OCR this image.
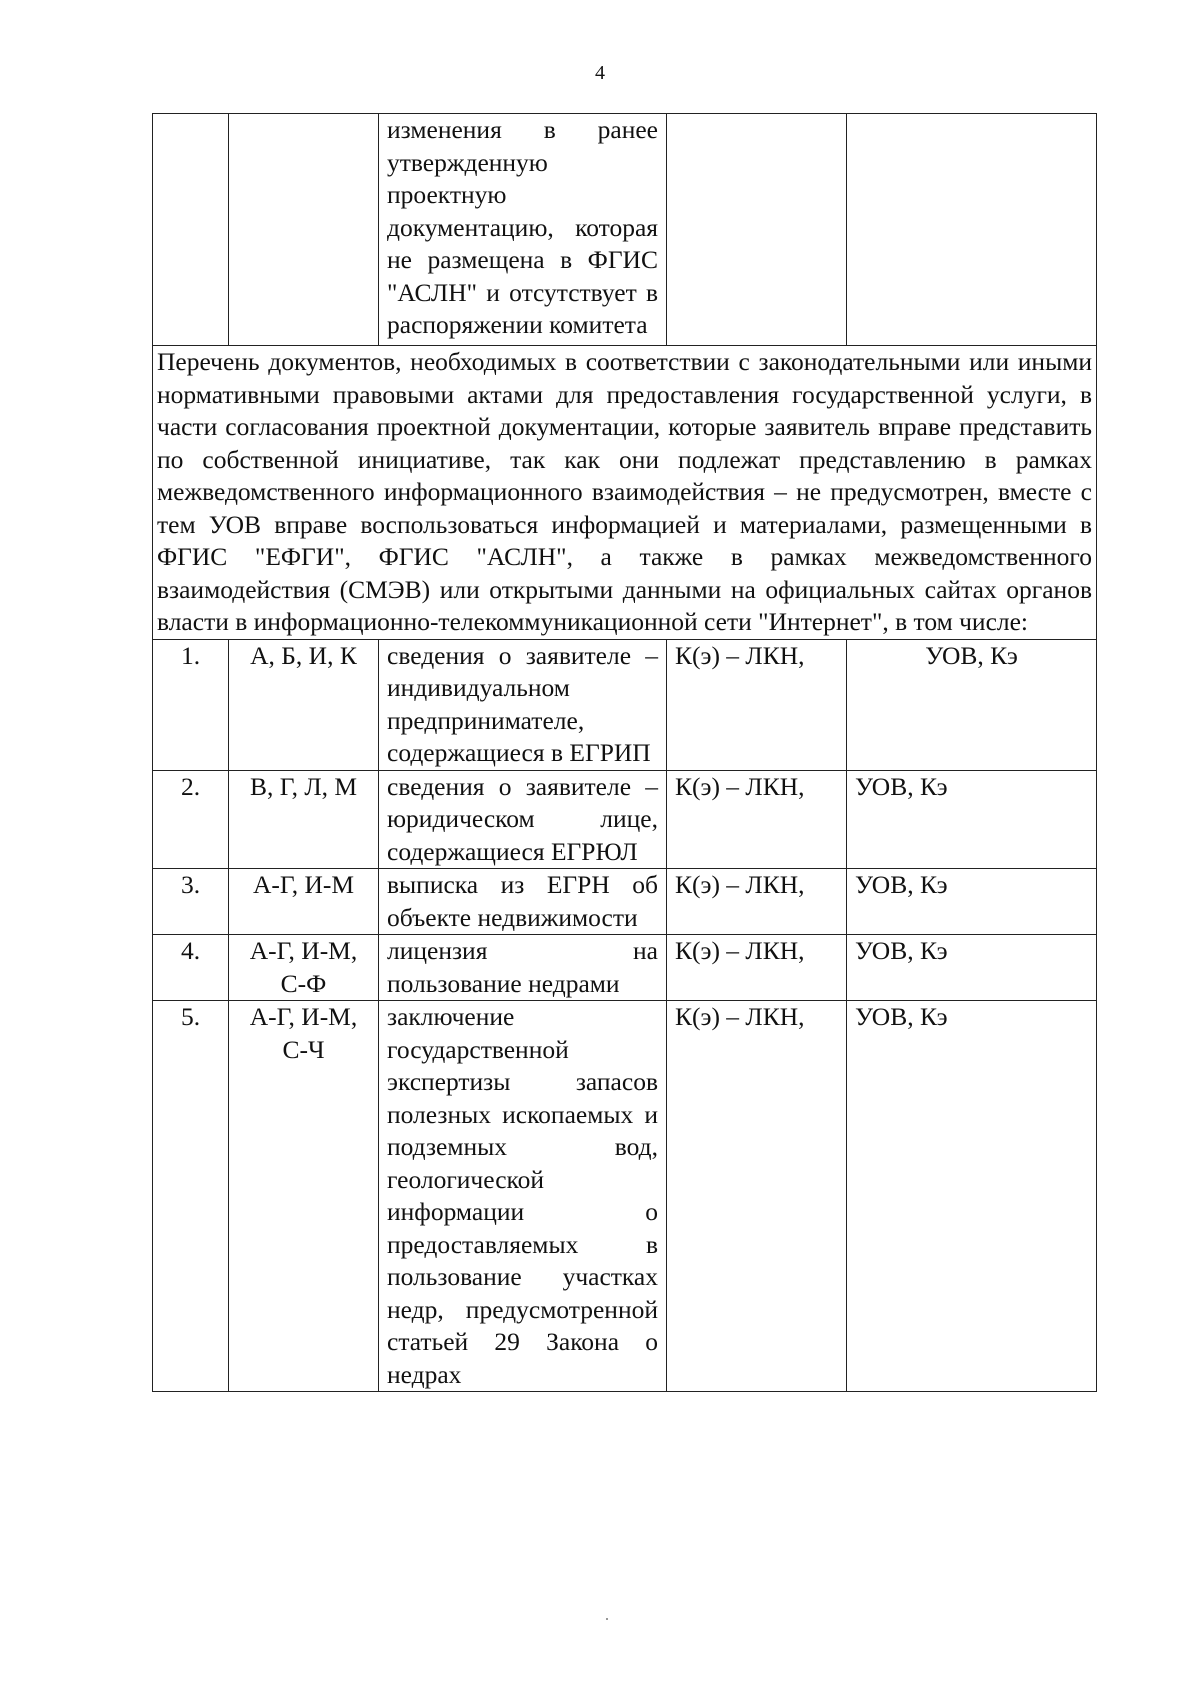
4
		изменения в ранее утвержденную проектную документацию, которая не размещена в ФГИС "АСЛН" и отсутствует в распоряжении комитета		
Перечень документов, необходимых в соответствии с законодательными или иными нормативными правовыми актами для предоставления государственной услуги, в части согласования проектной документации, которые заявитель вправе представить по собственной инициативе, так как они подлежат представлению в рамках межведомственного информационного взаимодействия – не предусмотрен, вместе с тем УОВ вправе воспользоваться информацией и материалами, размещенными в ФГИС "ЕФГИ", ФГИС "АСЛН", а также в рамках межведомственного взаимодействия (СМЭВ) или открытыми данными на официальных сайтах органов власти в информационно-телекоммуникационной сети "Интернет", в том числе:				
1.	А, Б, И, К	сведения о заявителе – индивидуальном предпринимателе, содержащиеся в ЕГРИП	К(э) – ЛКН,	УОВ, Кэ
2.	В, Г, Л, М	сведения о заявителе – юридическом лице, содержащиеся ЕГРЮЛ	К(э) – ЛКН,	УОВ, Кэ
3.	А-Г, И-М	выписка из ЕГРН об объекте недвижимости	К(э) – ЛКН,	УОВ, Кэ
4.	А-Г, И-М, С-Ф	лицензия на пользование недрами	К(э) – ЛКН,	УОВ, Кэ
5.	А-Г, И-М, С-Ч	заключение государственной экспертизы запасов полезных ископаемых и подземных вод, геологической информации о предоставляемых в пользование участках недр, предусмотренной статьей 29 Закона о недрах	К(э) – ЛКН,	УОВ, Кэ
